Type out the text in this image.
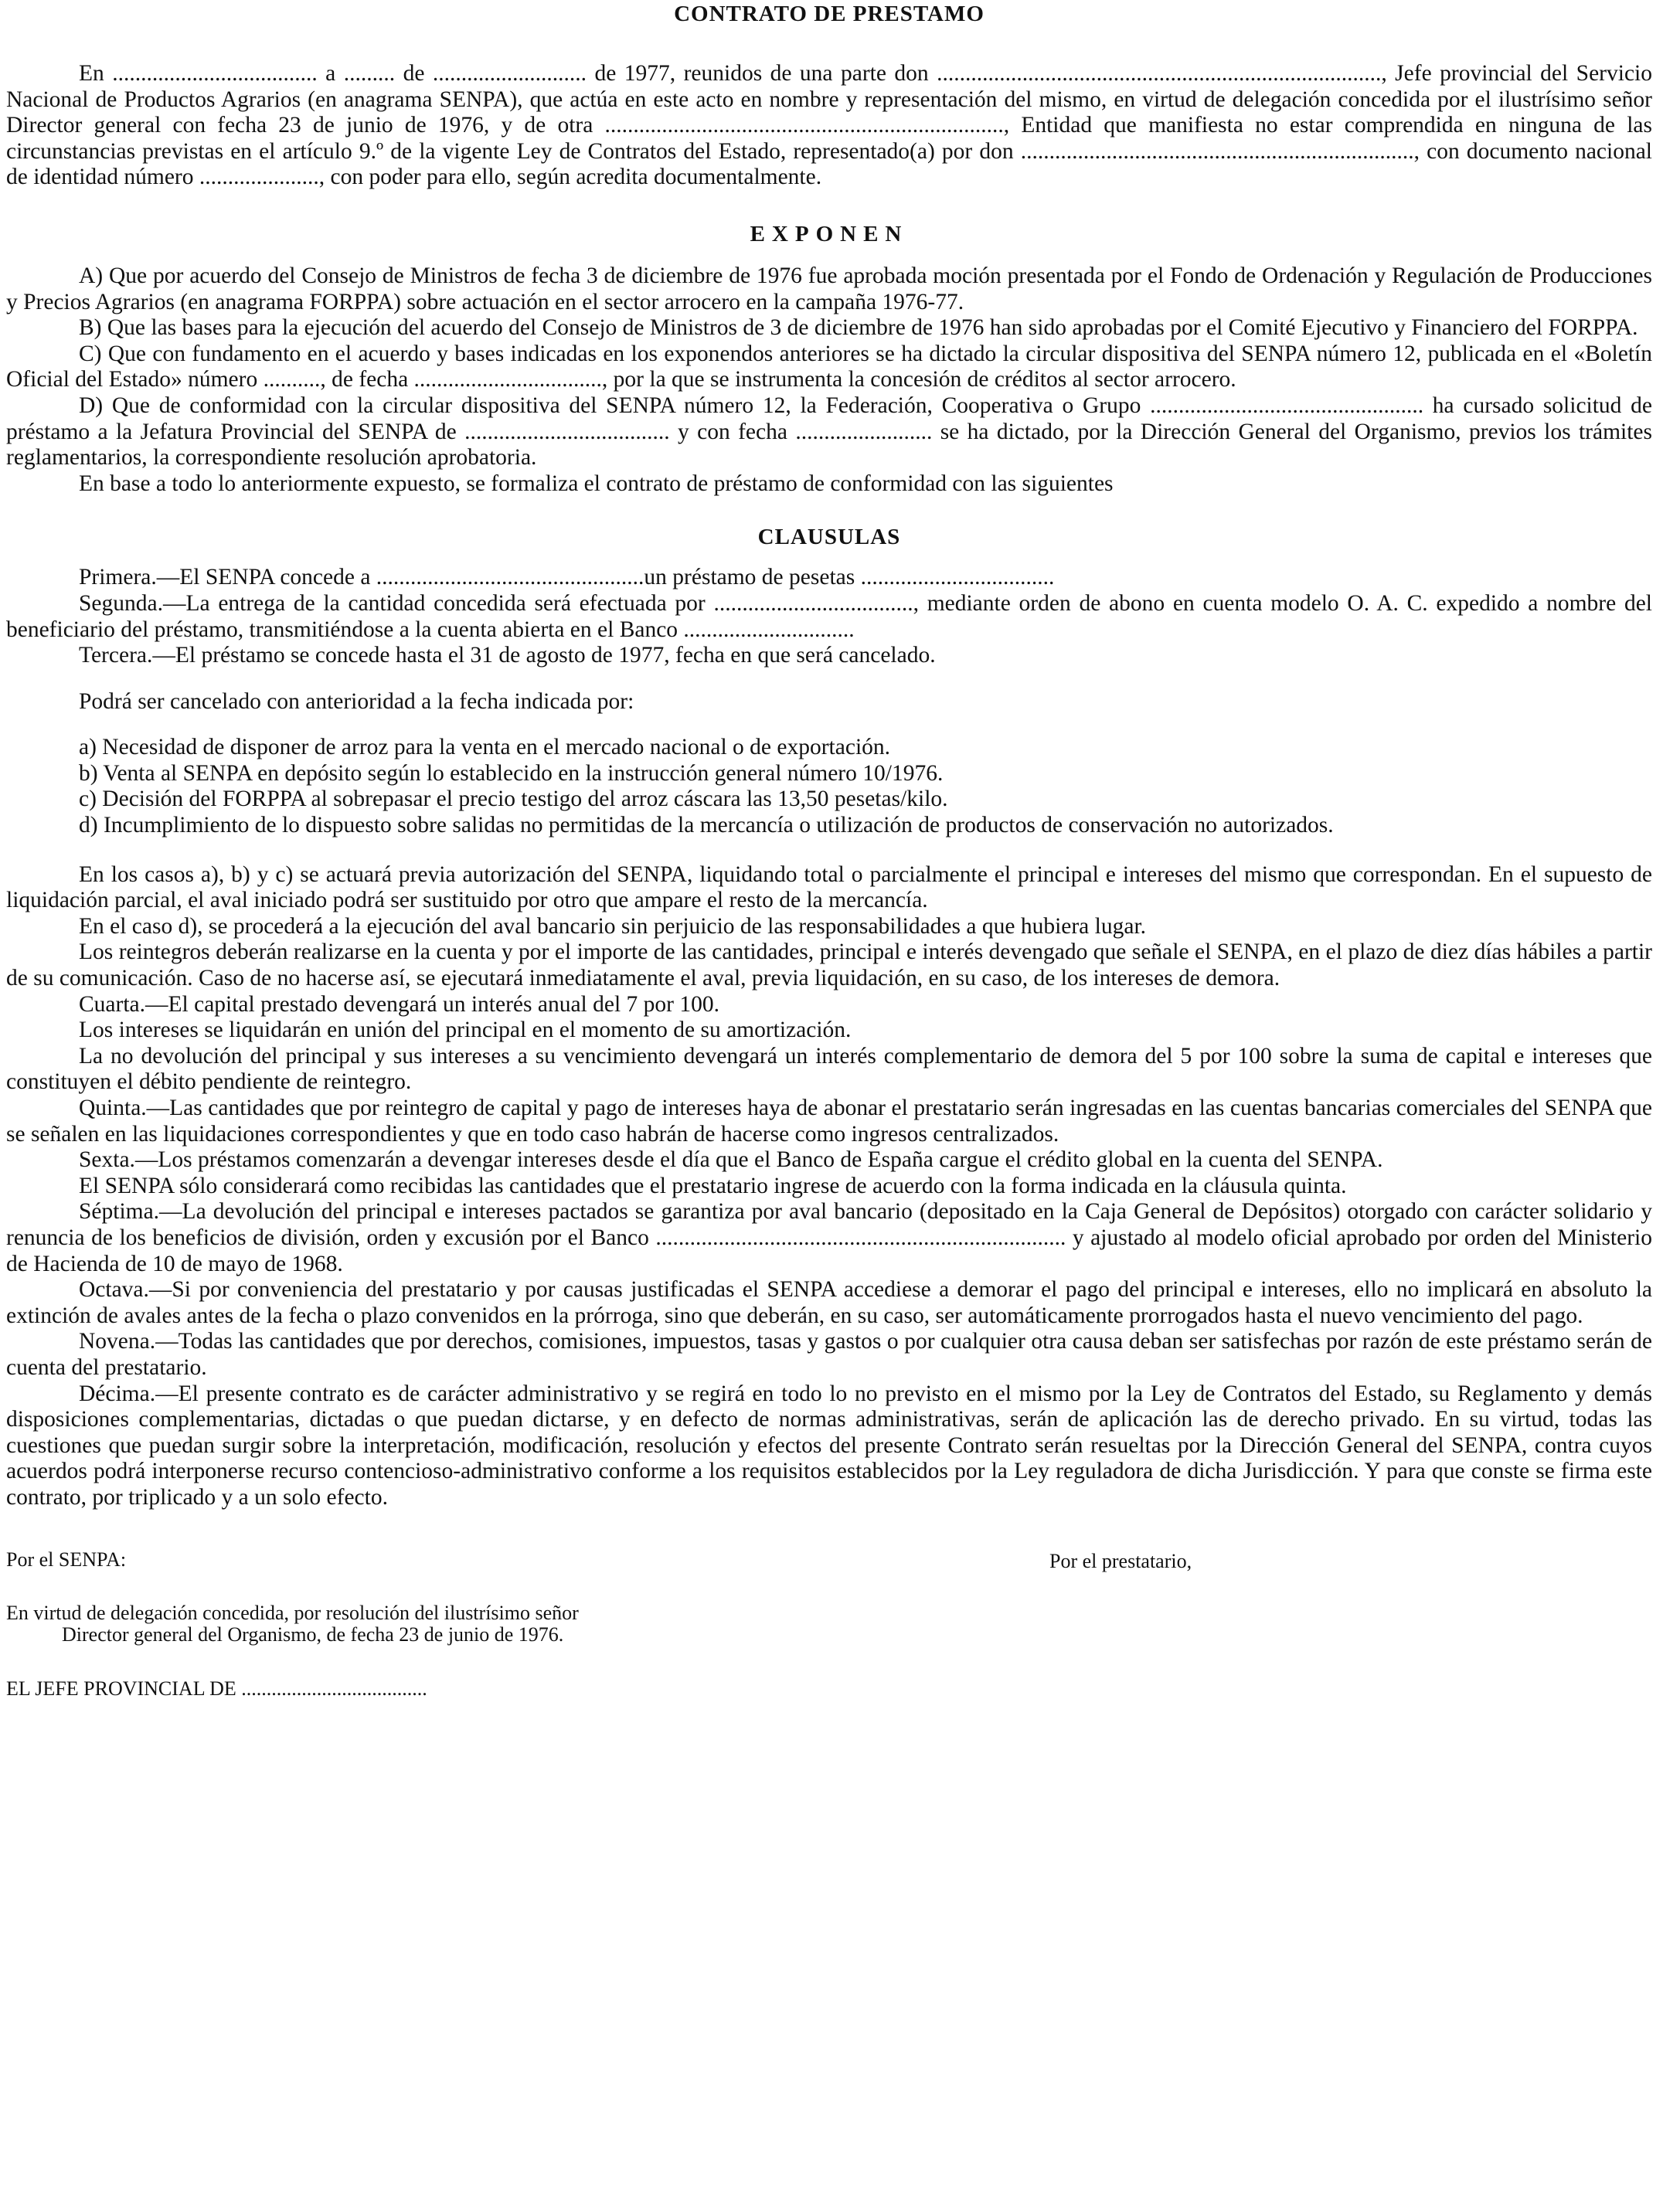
CONTRATO DE PRESTAMO

En .................................... a ......... de ........................... de 1977, reunidos de una parte don .............................................................................., Jefe provincial del Servicio Nacional de Productos Agrarios (en anagrama SENPA), que actúa en este acto en nombre y representación del mismo, en virtud de delegación concedida por el ilustrísimo señor Director general con fecha 23 de junio de 1976, y de otra ......................................................................, Entidad que manifiesta no estar comprendida en ninguna de las circunstancias previstas en el artículo 9.º de la vigente Ley de Contratos del Estado, representado(a) por don ....................................................................., con documento nacional de identidad número ....................., con poder para ello, según acredita documentalmente.

EXPONEN

A) Que por acuerdo del Consejo de Ministros de fecha 3 de diciembre de 1976 fue aprobada moción presentada por el Fondo de Ordenación y Regulación de Producciones y Precios Agrarios (en anagrama FORPPA) sobre actuación en el sector arrocero en la campaña 1976-77.

B) Que las bases para la ejecución del acuerdo del Consejo de Ministros de 3 de diciembre de 1976 han sido aprobadas por el Comité Ejecutivo y Financiero del FORPPA.

C) Que con fundamento en el acuerdo y bases indicadas en los exponendos anteriores se ha dictado la circular dispositiva del SENPA número 12, publicada en el «Boletín Oficial del Estado» número .........., de fecha ................................., por la que se instrumenta la concesión de créditos al sector arrocero.

D) Que de conformidad con la circular dispositiva del SENPA número 12, la Federación, Cooperativa o Grupo ................................................ ha cursado solicitud de préstamo a la Jefatura Provincial del SENPA de .................................... y con fecha ........................ se ha dictado, por la Dirección General del Organismo, previos los trámites reglamentarios, la correspondiente resolución aprobatoria.

En base a todo lo anteriormente expuesto, se formaliza el contrato de préstamo de conformidad con las siguientes

CLAUSULAS

Primera.—El SENPA concede a ...............................................un préstamo de pesetas ..................................

Segunda.—La entrega de la cantidad concedida será efectuada por ..................................., mediante orden de abono en cuenta modelo O. A. C. expedido a nombre del beneficiario del préstamo, transmitiéndose a la cuenta abierta en el Banco ..............................

Tercera.—El préstamo se concede hasta el 31 de agosto de 1977, fecha en que será cancelado.

Podrá ser cancelado con anterioridad a la fecha indicada por:

a) Necesidad de disponer de arroz para la venta en el mercado nacional o de exportación.

b) Venta al SENPA en depósito según lo establecido en la instrucción general número 10/1976.

c) Decisión del FORPPA al sobrepasar el precio testigo del arroz cáscara las 13,50 pesetas/kilo.

d) Incumplimiento de lo dispuesto sobre salidas no permitidas de la mercancía o utilización de productos de conservación no autorizados.

En los casos a), b) y c) se actuará previa autorización del SENPA, liquidando total o parcialmente el principal e intereses del mismo que correspondan. En el supuesto de liquidación parcial, el aval iniciado podrá ser sustituido por otro que ampare el resto de la mercancía.

En el caso d), se procederá a la ejecución del aval bancario sin perjuicio de las responsabilidades a que hubiera lugar.

Los reintegros deberán realizarse en la cuenta y por el importe de las cantidades, principal e interés devengado que señale el SENPA, en el plazo de diez días hábiles a partir de su comunicación. Caso de no hacerse así, se ejecutará inmediatamente el aval, previa liquidación, en su caso, de los intereses de demora.

Cuarta.—El capital prestado devengará un interés anual del 7 por 100.

Los intereses se liquidarán en unión del principal en el momento de su amortización.

La no devolución del principal y sus intereses a su vencimiento devengará un interés complementario de demora del 5 por 100 sobre la suma de capital e intereses que constituyen el débito pendiente de reintegro.

Quinta.—Las cantidades que por reintegro de capital y pago de intereses haya de abonar el prestatario serán ingresadas en las cuentas bancarias comerciales del SENPA que se señalen en las liquidaciones correspondientes y que en todo caso habrán de hacerse como ingresos centralizados.

Sexta.—Los préstamos comenzarán a devengar intereses desde el día que el Banco de España cargue el crédito global en la cuenta del SENPA.

El SENPA sólo considerará como recibidas las cantidades que el prestatario ingrese de acuerdo con la forma indicada en la cláusula quinta.

Séptima.—La devolución del principal e intereses pactados se garantiza por aval bancario (depositado en la Caja General de Depósitos) otorgado con carácter solidario y renuncia de los beneficios de división, orden y excusión por el Banco ........................................................................ y ajustado al modelo oficial aprobado por orden del Ministerio de Hacienda de 10 de mayo de 1968.

Octava.—Si por conveniencia del prestatario y por causas justificadas el SENPA accediese a demorar el pago del principal e intereses, ello no implicará en absoluto la extinción de avales antes de la fecha o plazo convenidos en la prórroga, sino que deberán, en su caso, ser automáticamente prorrogados hasta el nuevo vencimiento del pago.

Novena.—Todas las cantidades que por derechos, comisiones, impuestos, tasas y gastos o por cualquier otra causa deban ser satisfechas por razón de este préstamo serán de cuenta del prestatario.

Décima.—El presente contrato es de carácter administrativo y se regirá en todo lo no previsto en el mismo por la Ley de Contratos del Estado, su Reglamento y demás disposiciones complementarias, dictadas o que puedan dictarse, y en defecto de normas administrativas, serán de aplicación las de derecho privado. En su virtud, todas las cuestiones que puedan surgir sobre la interpretación, modificación, resolución y efectos del presente Contrato serán resueltas por la Dirección General del SENPA, contra cuyos acuerdos podrá interponerse recurso contencioso-administrativo conforme a los requisitos establecidos por la Ley reguladora de dicha Jurisdicción. Y para que conste se firma este contrato, por triplicado y a un solo efecto.

Por el SENPA:	Por el prestatario,

En virtud de delegación concedida, por resolución del ilustrísimo señor

Director general del Organismo, de fecha 23 de junio de 1976.

EL JEFE PROVINCIAL DE .....................................
